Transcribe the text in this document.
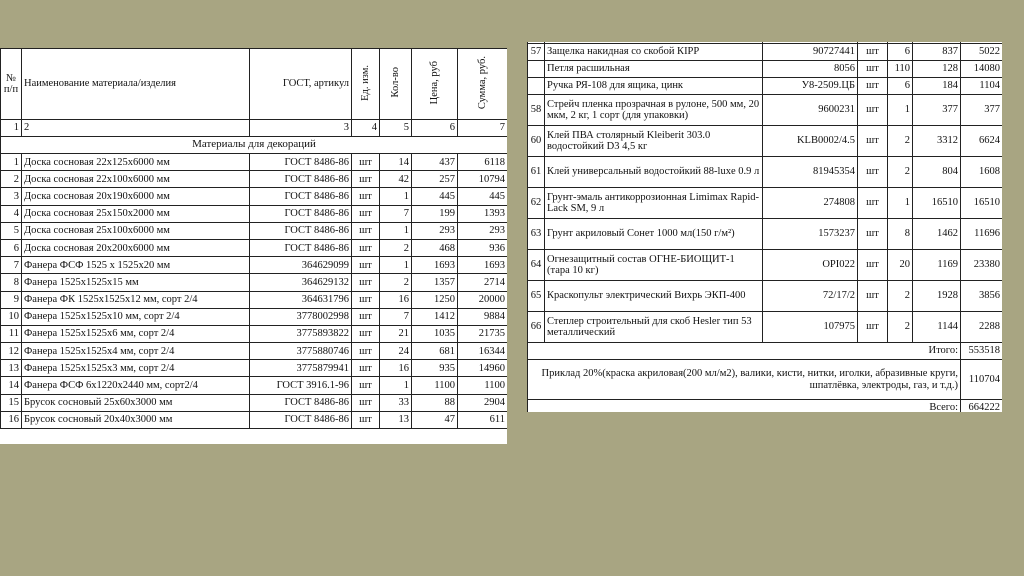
№ п/п	Наименование материала/изделия	ГОСТ, артикул	Ед. изм.	Кол-во	Цена, руб	Сумма, руб.
1	2	3	4	5	6	7
Материалы для декораций						
1	Доска сосновая 22x125x6000 мм	ГОСТ 8486-86	шт	14	437	6118
2	Доска сосновая 22x100x6000 мм	ГОСТ 8486-86	шт	42	257	10794
3	Доска сосновая 20x190x6000 мм	ГОСТ 8486-86	шт	1	445	445
4	Доска сосновая 25x150x2000 мм	ГОСТ 8486-86	шт	7	199	1393
5	Доска сосновая 25x100x6000 мм	ГОСТ 8486-86	шт	1	293	293
6	Доска сосновая 20x200x6000 мм	ГОСТ 8486-86	шт	2	468	936
7	Фанера ФСФ 1525 x 1525x20 мм	364629099	шт	1	1693	1693
8	Фанера 1525x1525x15 мм	364629132	шт	2	1357	2714
9	Фанера ФК 1525x1525x12 мм, сорт 2/4	364631796	шт	16	1250	20000
10	Фанера 1525x1525x10 мм, сорт 2/4	3778002998	шт	7	1412	9884
11	Фанера 1525x1525x6 мм, сорт 2/4	3775893822	шт	21	1035	21735
12	Фанера 1525x1525x4 мм, сорт 2/4	3775880746	шт	24	681	16344
13	Фанера 1525x1525x3 мм, сорт 2/4	3775879941	шт	16	935	14960
14	Фанера ФСФ 6x1220x2440 мм, сорт2/4	ГОСТ 3916.1-96	шт	1	1100	1100
15	Брусок сосновый 25x60x3000 мм	ГОСТ 8486-86	шт	33	88	2904
16	Брусок сосновый 20x40x3000 мм	ГОСТ 8486-86	шт	13	47	611

57	Защелка накидная со скобой КIPP	90727441	шт	6	837	5022
	Петля расшильная	8056	шт	110	128	14080
	Ручка РЯ-108 для ящика, цинк	У8-2509.ЦБ	шт	6	184	1104
58	Стрейч пленка прозрачная в рулоне, 500 мм, 20 мкм, 2 кг, 1 сорт (для упаковки)	9600231	шт	1	377	377
60	Клей ПВА столярный Kleiberit 303.0 водостойкий D3 4,5 кг	KLB0002/4.5	шт	2	3312	6624
61	Клей универсальный водостойкий 88-luxe 0.9 л	81945354	шт	2	804	1608
62	Грунт-эмаль антикоррозионная Limimax Rapid-Lack SM, 9 л	274808	шт	1	16510	16510
63	Грунт акриловый Сонет 1000 мл(150 г/м²)	1573237	шт	8	1462	11696
64	Огнезащитный состав ОГНЕ-БИОЩИТ-1 (тара 10 кг)	OPI022	шт	20	1169	23380
65	Краскопульт электрический Вихрь ЭКП-400	72/17/2	шт	2	1928	3856
66	Степлер строительный для скоб Hesler тип 53 металлический	107975	шт	2	1144	2288
Итого:						553518
Приклад 20%(краска акриловая(200 мл/м2), валики, кисти, нитки, иголки, абразивные круги, шпатлёвка, электроды, газ, и т.д.)						110704
Всего:						664222
